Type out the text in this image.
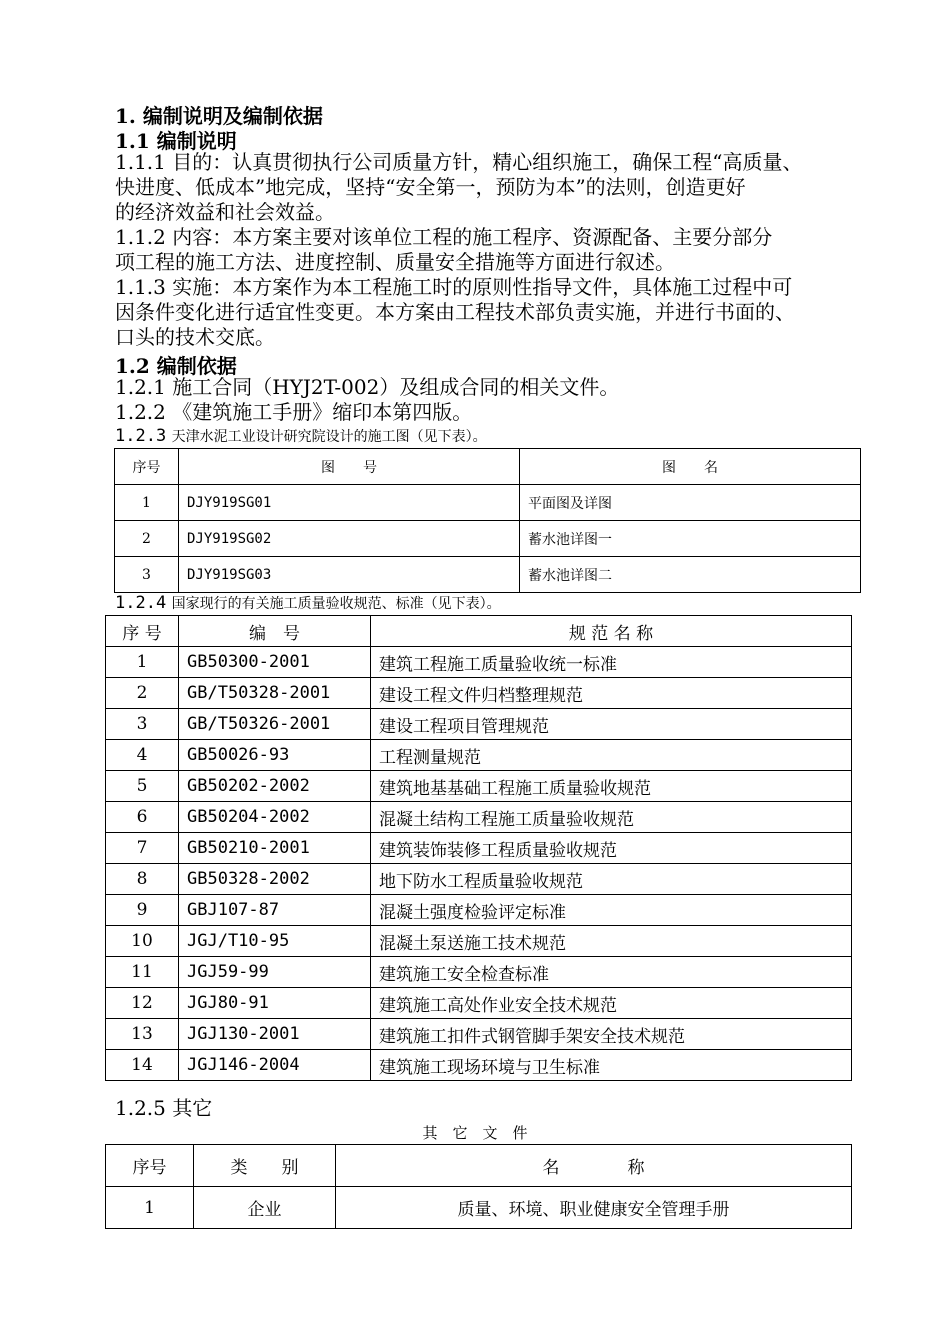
1. 编制说明及编制依据
1.1 编制说明
1.1.1 目的：认真贯彻执行公司质量方针，精心组织施工，确保工程“高质量、
快进度、低成本”地完成，坚持“安全第一，预防为本”的法则，创造更好
的经济效益和社会效益。
1.1.2 内容：本方案主要对该单位工程的施工程序、资源配备、主要分部分
项工程的施工方法、进度控制、质量安全措施等方面进行叙述。
1.1.3 实施：本方案作为本工程施工时的原则性指导文件，具体施工过程中可
因条件变化进行适宜性变更。本方案由工程技术部负责实施，并进行书面的、
口头的技术交底。
1.2 编制依据
1.2.1 施工合同（HYJ2T-002）及组成合同的相关文件。
1.2.2 《建筑施工手册》缩印本第四版。
1.2.3 天津水泥工业设计研究院设计的施工图（见下表）。
序号	图　　号	图　　名
1	DJY919SG01	平面图及详图
2	DJY919SG02	蓄水池详图一
3	DJY919SG03	蓄水池详图二
1.2.4 国家现行的有关施工质量验收规范、标准（见下表）。
序 号	编　号	规 范 名 称
1	GB50300-2001	建筑工程施工质量验收统一标准
2	GB/T50328-2001	建设工程文件归档整理规范
3	GB/T50326-2001	建设工程项目管理规范
4	GB50026-93	工程测量规范
5	GB50202-2002	建筑地基基础工程施工质量验收规范
6	GB50204-2002	混凝土结构工程施工质量验收规范
7	GB50210-2001	建筑装饰装修工程质量验收规范
8	GB50328-2002	地下防水工程质量验收规范
9	GBJ107-87	混凝土强度检验评定标准
10	JGJ/T10-95	混凝土泵送施工技术规范
11	JGJ59-99	建筑施工安全检查标准
12	JGJ80-91	建筑施工高处作业安全技术规范
13	JGJ130-2001	建筑施工扣件式钢管脚手架安全技术规范
14	JGJ146-2004	建筑施工现场环境与卫生标准
1.2.5 其它
其　它　文　件
序号	类　　别	名　　　　称
1	企业	质量、环境、职业健康安全管理手册
